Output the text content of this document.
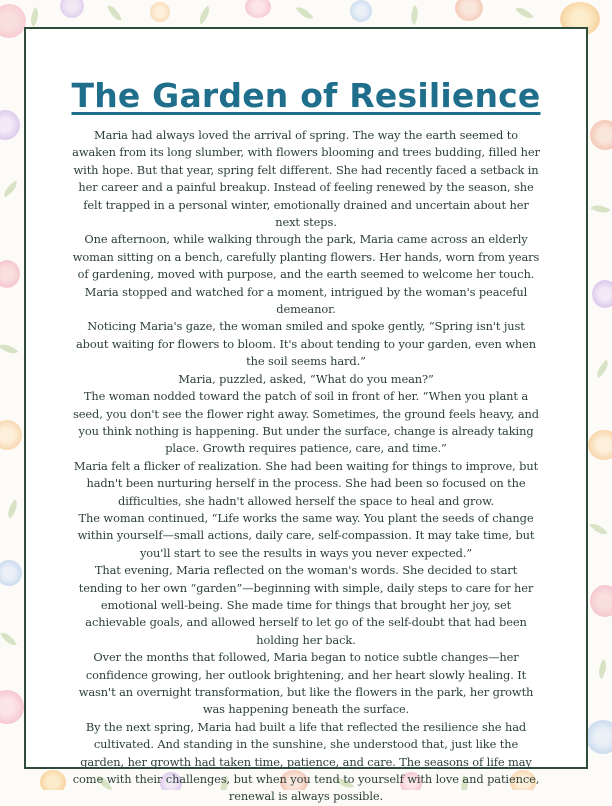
The Garden of Resilience

Maria had always loved the arrival of spring. The way the earth seemed to awaken from its long slumber, with flowers blooming and trees budding, filled her with hope. But that year, spring felt different. She had recently faced a setback in her career and a painful breakup. Instead of feeling renewed by the season, she felt trapped in a personal winter, emotionally drained and uncertain about her next steps.

One afternoon, while walking through the park, Maria came across an elderly woman sitting on a bench, carefully planting flowers. Her hands, worn from years of gardening, moved with purpose, and the earth seemed to welcome her touch. Maria stopped and watched for a moment, intrigued by the woman's peaceful demeanor.

Noticing Maria's gaze, the woman smiled and spoke gently, “Spring isn't just about waiting for flowers to bloom. It's about tending to your garden, even when the soil seems hard.”

Maria, puzzled, asked, “What do you mean?”

The woman nodded toward the patch of soil in front of her. “When you plant a seed, you don't see the flower right away. Sometimes, the ground feels heavy, and you think nothing is happening. But under the surface, change is already taking place. Growth requires patience, care, and time.”

Maria felt a flicker of realization. She had been waiting for things to improve, but hadn't been nurturing herself in the process. She had been so focused on the difficulties, she hadn't allowed herself the space to heal and grow.

The woman continued, “Life works the same way. You plant the seeds of change within yourself—small actions, daily care, self-compassion. It may take time, but you'll start to see the results in ways you never expected.”

That evening, Maria reflected on the woman's words. She decided to start tending to her own “garden”—beginning with simple, daily steps to care for her emotional well-being. She made time for things that brought her joy, set achievable goals, and allowed herself to let go of the self-doubt that had been holding her back.

Over the months that followed, Maria began to notice subtle changes—her confidence growing, her outlook brightening, and her heart slowly healing. It wasn't an overnight transformation, but like the flowers in the park, her growth was happening beneath the surface.

By the next spring, Maria had built a life that reflected the resilience she had cultivated. And standing in the sunshine, she understood that, just like the garden, her growth had taken time, patience, and care. The seasons of life may come with their challenges, but when you tend to yourself with love and patience, renewal is always possible.
